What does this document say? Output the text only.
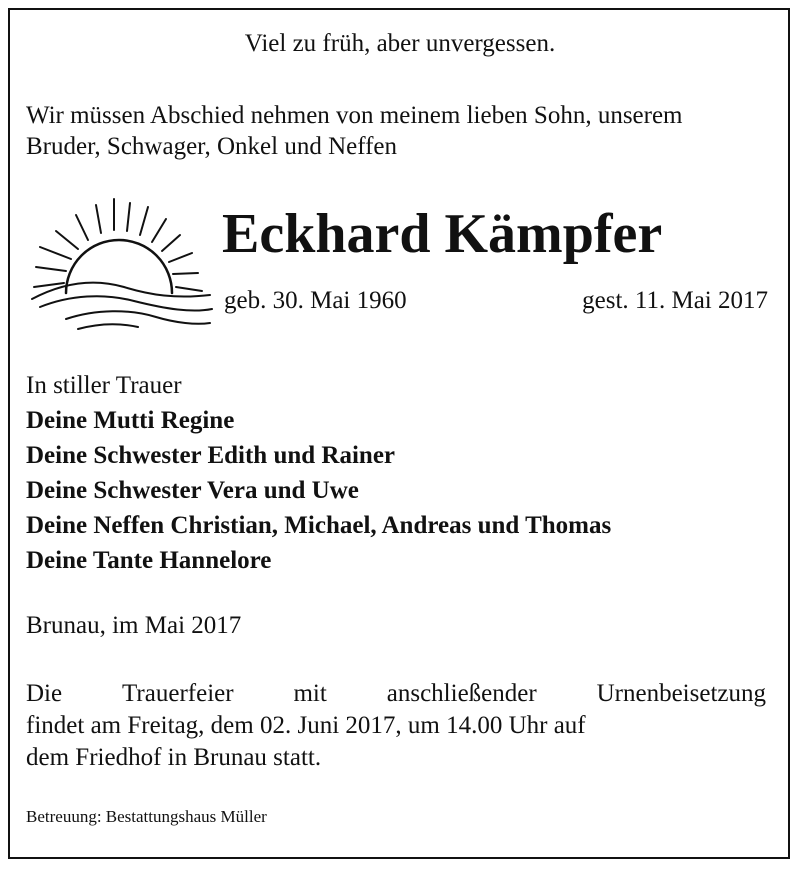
Viel zu früh, aber unvergessen.
Wir müssen Abschied nehmen von meinem lieben Sohn, unserem Bruder, Schwager, Onkel und Neffen
Eckhard Kämpfer
geb. 30. Mai 1960	gest. 11. Mai 2017
In stiller Trauer
Deine Mutti Regine
Deine Schwester Edith und Rainer
Deine Schwester Vera und Uwe
Deine Neffen Christian, Michael, Andreas und Thomas
Deine Tante Hannelore
Brunau, im Mai 2017
Die Trauerfeier mit anschließender Urnenbeisetzung
findet am Freitag, dem 02. Juni 2017, um 14.00 Uhr auf
dem Friedhof in Brunau statt.
Betreuung: Bestattungshaus Müller
